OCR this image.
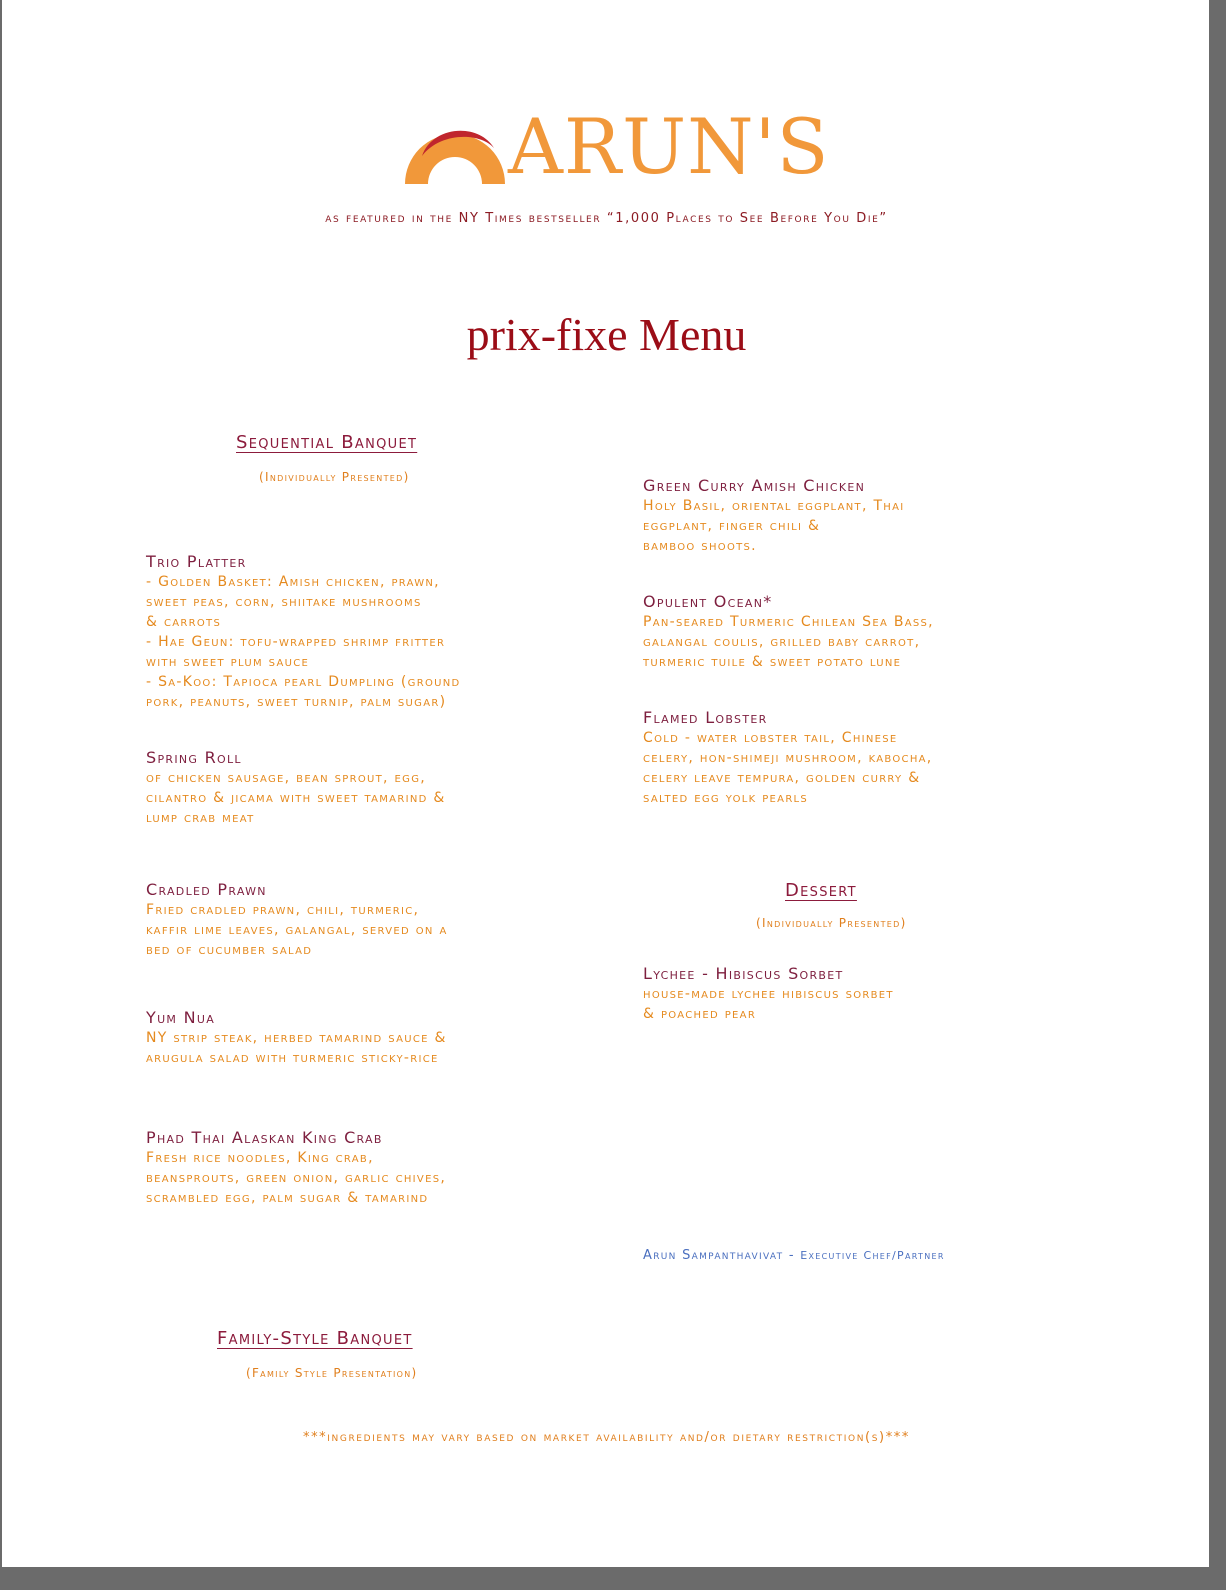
ARUN'S
as featured in the NY Times bestseller “1,000 Places to See Before You Die”
prix-fixe Menu
Sequential Banquet
(Individually Presented)
Trio Platter

- Golden Basket: Amish chicken, prawn,
sweet peas, corn, shiitake mushrooms
& carrots
- Hae Geun: tofu-wrapped shrimp fritter
with sweet plum sauce
- Sa-Koo: Tapioca pearl Dumpling (ground
pork, peanuts, sweet turnip, palm sugar)

Spring Roll

of chicken sausage, bean sprout, egg,
cilantro & jicama with sweet tamarind &
lump crab meat

Cradled Prawn

Fried cradled prawn, chili, turmeric,
kaffir lime leaves, galangal, served on a
bed of cucumber salad

Yum Nua

NY strip steak, herbed tamarind sauce &
arugula salad with turmeric sticky-rice

Phad Thai Alaskan King Crab

Fresh rice noodles, King crab,
beansprouts, green onion, garlic chives,
scrambled egg, palm sugar & tamarind

Green Curry Amish Chicken

Holy Basil, oriental eggplant, Thai
eggplant, finger chili &
bamboo shoots.

Opulent Ocean*

Pan-seared Turmeric Chilean Sea Bass,
galangal coulis, grilled baby carrot,
turmeric tuile & sweet potato lune

Flamed Lobster

Cold - water lobster tail, Chinese
celery, hon-shimeji mushroom, kabocha,
celery leave tempura, golden curry &
salted egg yolk pearls

Dessert
(Individually Presented)
Lychee - Hibiscus Sorbet

house-made lychee hibiscus sorbet
& poached pear

Arun Sampanthavivat - Executive Chef/Partner
Family-Style Banquet
(Family Style Presentation)
***ingredients may vary based on market availability and/or dietary restriction(s)***
